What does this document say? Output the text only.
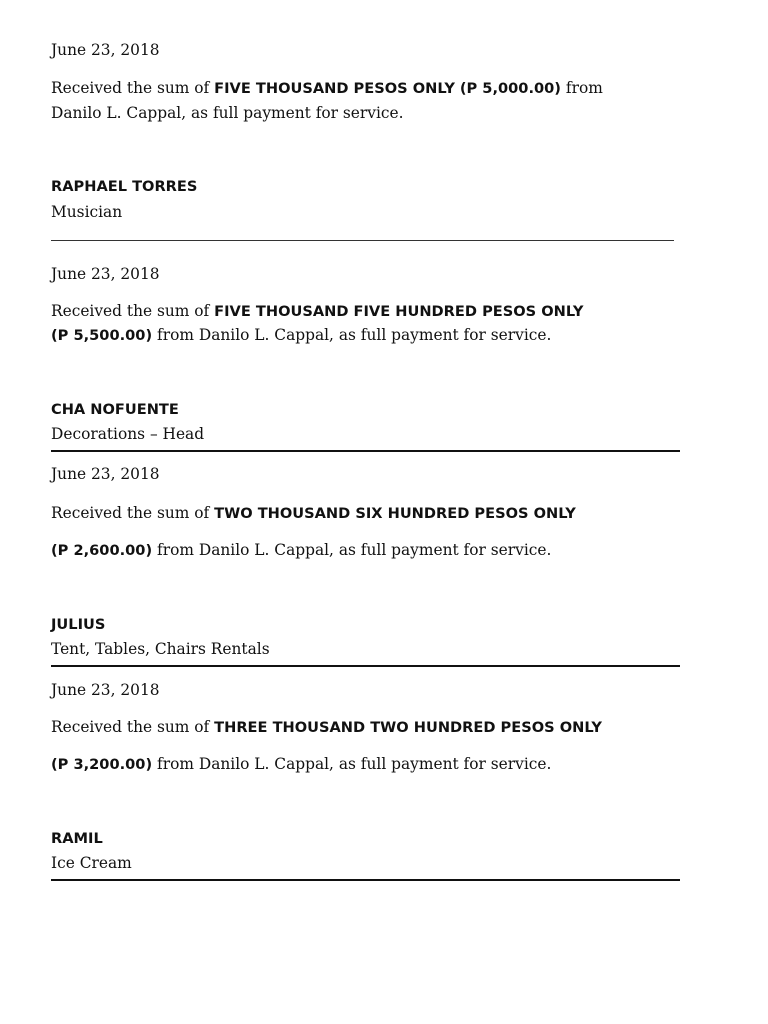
June 23, 2018
Received the sum of FIVE THOUSAND PESOS ONLY (P 5,000.00) from
Danilo L. Cappal, as full payment for service.
RAPHAEL TORRES
Musician
June 23, 2018
Received the sum of FIVE THOUSAND FIVE HUNDRED PESOS ONLY
(P 5,500.00) from Danilo L. Cappal, as full payment for service.
CHA NOFUENTE
Decorations – Head
June 23, 2018
Received the sum of TWO THOUSAND SIX HUNDRED PESOS ONLY
(P 2,600.00) from Danilo L. Cappal, as full payment for service.
JULIUS
Tent, Tables, Chairs Rentals
June 23, 2018
Received the sum of THREE THOUSAND TWO HUNDRED PESOS ONLY
(P 3,200.00) from Danilo L. Cappal, as full payment for service.
RAMIL
Ice Cream
